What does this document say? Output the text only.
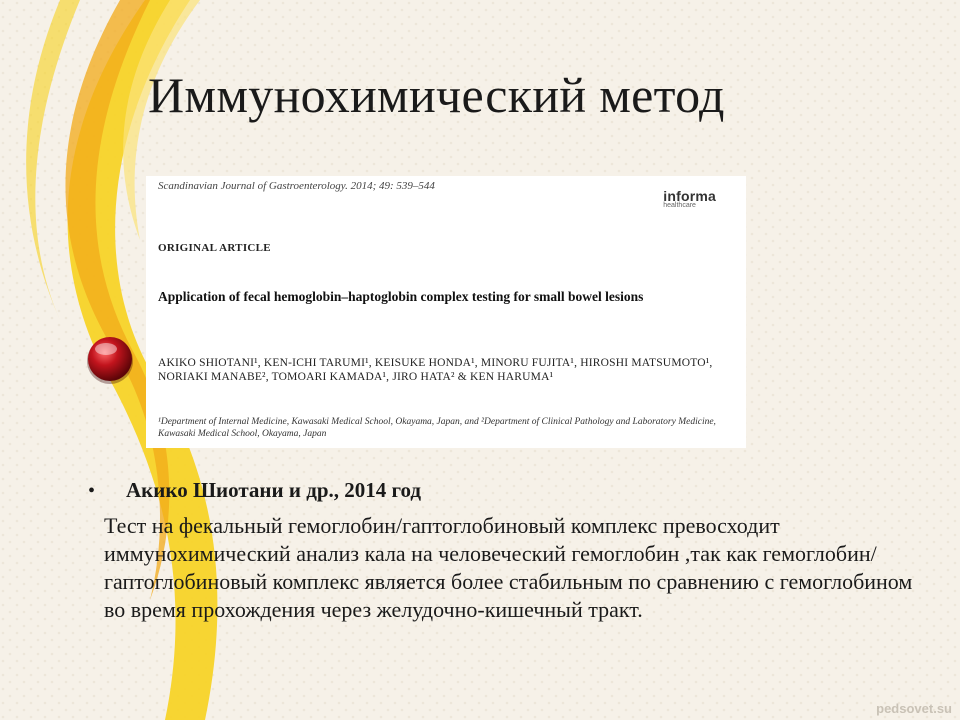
Иммунохимический метод
Scandinavian Journal of Gastroenterology. 2014; 49: 539–544
informa
healthcare
ORIGINAL ARTICLE
Application of fecal hemoglobin–haptoglobin complex testing for small bowel lesions
AKIKO SHIOTANI¹, KEN-ICHI TARUMI¹, KEISUKE HONDA¹, MINORU FUJITA¹, HIROSHI MATSUMOTO¹, NORIAKI MANABE², TOMOARI KAMADA¹, JIRO HATA² & KEN HARUMA¹
¹Department of Internal Medicine, Kawasaki Medical School, Okayama, Japan, and ²Department of Clinical Pathology and Laboratory Medicine, Kawasaki Medical School, Okayama, Japan
• Акико Шиотани и др., 2014 год
Тест на фекальный гемоглобин/гаптоглобиновый комплекс превосходит иммунохимический анализ кала на человеческий гемоглобин ,так как гемоглобин/гаптоглобиновый комплекс является более стабильным по сравнению с гемоглобином во время прохождения через желудочно-кишечный тракт.
pedsovet.su
